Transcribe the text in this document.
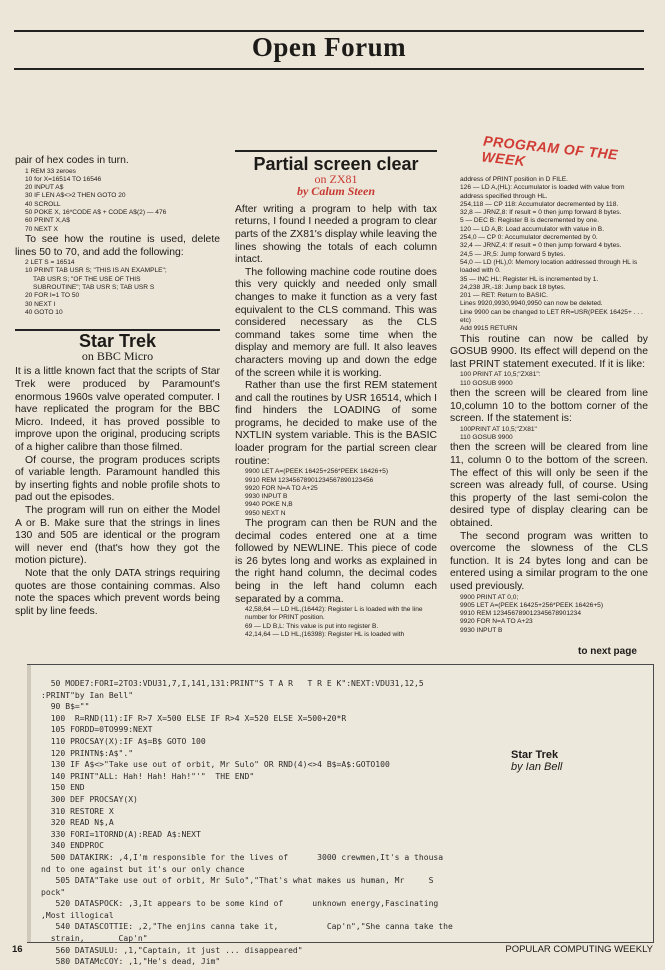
Open Forum

pair of hex codes in turn.

1 REM 33 zeroes
10 for X=16514 TO 16546
20 INPUT A$
30 IF LEN A$<>2 THEN GOTO 20
40 SCROLL
50 POKE X, 16*CODE A$ + CODE A$(2) — 476
60 PRINT X,A$
70 NEXT X

To see how the routine is used, delete lines 50 to 70, and add the following:

2 LET S = 16514
10 PRINT TAB USR S; "THIS IS AN EXAMPLE";
TAB USR S; "OF THE USE OF THIS
SUBROUTINE"; TAB USR S; TAB USR S
20 FOR I=1 TO 50
30 NEXT I
40 GOTO 10
Star Trek
on BBC Micro

It is a little known fact that the scripts of Star Trek were produced by Paramount's enormous 1960s valve operated computer. I have replicated the program for the BBC Micro. Indeed, it has proved possible to improve upon the original, producing scripts of a higher calibre than those filmed.

Of course, the program produces scripts of variable length. Paramount handled this by inserting fights and noble profile shots to pad out the episodes.

The program will run on either the Model A or B. Make sure that the strings in lines 130 and 505 are identical or the program will never end (that's how they got the motion picture).

Note that the only DATA strings requiring quotes are those containing commas. Also note the spaces which prevent words being split by line feeds.

Partial screen clear
on ZX81
by Calum Steen

After writing a program to help with tax returns, I found I needed a program to clear parts of the ZX81's display while leaving the lines showing the totals of each column intact.

The following machine code routine does this very quickly and needed only small changes to make it function as a very fast equivalent to the CLS command. This was considered necessary as the CLS command takes some time when the display and memory are full. It also leaves characters moving up and down the edge of the screen while it is working.

Rather than use the first REM statement and call the routines by USR 16514, which I find hinders the LOADING of some programs, he decided to make use of the NXTLIN system variable. This is the BASIC loader program for the partial screen clear routine:

9900 LET A=(PEEK 16425+256*PEEK 16426+5)
9910 REM 12345678901234567890123456
9920 FOR N=A TO A+25
9930 INPUT B
9940 POKE N,B
9950 NEXT N

The program can then be RUN and the decimal codes entered one at a time followed by NEWLINE. This piece of code is 26 bytes long and works as explained in the right hand column, the decimal codes being in the left hand column each separated by a comma.

42,58,64 — LD HL,(16442): Register L is loaded with the line number for PRINT position.
69 — LD B,L: This value is put into register B.
42,14,64 — LD HL,(16398): Register HL is loaded with
PROGRAM OF THE WEEK
address of PRINT position in D FILE.
126 — LD A,(HL): Accumulator is loaded with value from address specified through HL.
254,118 — CP 118: Accumulator decremented by 118.
32,8 — JRNZ,8: If result = 0 then jump forward 8 bytes.
5 — DEC B: Register B is decremented by one.
120 — LD A,B: Load accumulator with value in B.
254,0 — CP 0: Accumulator decremented by 0.
32,4 — JRNZ,4: If result = 0 then jump forward 4 bytes.
24,5 — JR,5: Jump forward 5 bytes.
54,0 — LD (HL),0: Memory location addressed through HL is loaded with 0.
35 — INC HL: Register HL is incremented by 1.
24,238 JR,-18: Jump back 18 bytes.
201 — RET: Return to BASIC.
Lines 9920,9930,9940,9950 can now be deleted.
Line 9900 can be changed to LET RR=USR(PEEK 16425+ . . . etc)
Add 9915 RETURN

This routine can now be called by GOSUB 9900. Its effect will depend on the last PRINT statement executed. If it is like:

100 PRINT AT 10,5;"ZX81":
110 GOSUB 9900

then the screen will be cleared from line 10,column 10 to the bottom corner of the screen. If the statement is:

100PRINT AT 10,5;"ZX81"
110 GOSUB 9900

then the screen will be cleared from line 11, column 0 to the bottom of the screen. The effect of this will only be seen if the screen was already full, of course. Using this property of the last semi-colon the desired type of display clearing can be obtained.

The second program was written to overcome the slowness of the CLS function. It is 24 bytes long and can be entered using a similar program to the one used previously.

9900 PRINT AT 0,0;
9905 LET A=(PEEK 16425+256*PEEK 16426+5)
9910 REM 123456789012345678901234
9920 FOR N=A TO A+23
9930 INPUT B
to next page
50 MODE7:FORI=2TO3:VDU31,7,I,141,131:PRINT"S T A R   T R E K":NEXT:VDU31,12,5
:PRINT"by Ian Bell"
90 B$=""
100  R=RND(11):IF R>7 X=500 ELSE IF R>4 X=520 ELSE X=500+20*R
105 FORDD=0TO999:NEXT
110 PROCSAY(X):IF A$=B$ GOTO 100
120 PRINTN$:A$"."
130 IF A$<>"Take use out of orbit, Mr Sulo" OR RND(4)<>4 B$=A$:GOTO100
140 PRINT"ALL: Hah! Hah! Hah!"'"  THE END"
150 END
300 DEF PROCSAY(X)
310 RESTORE X
320 READ N$,A
330 FORI=1TORND(A):READ A$:NEXT
340 ENDPROC
500 DATAKIRK: ,4,I'm responsible for the lives of      3000 crewmen,It's a thousa
nd to one against but it's our only chance
505 DATA"Take use out of orbit, Mr Sulo","That's what makes us human, Mr     S
pock"
520 DATASPOCK: ,3,It appears to be some kind of      unknown energy,Fascinating
,Most illogical
540 DATASCOTTIE: ,2,"The enjins canna take it,          Cap'n","She canna take the
strain,       Cap'n"
560 DATASULU: ,1,"Captain, it just ... disappeared"
580 DATAMcCOY: ,1,"He's dead, Jim"
Star Trek
by Ian Bell
16	POPULAR COMPUTING WEEKLY
